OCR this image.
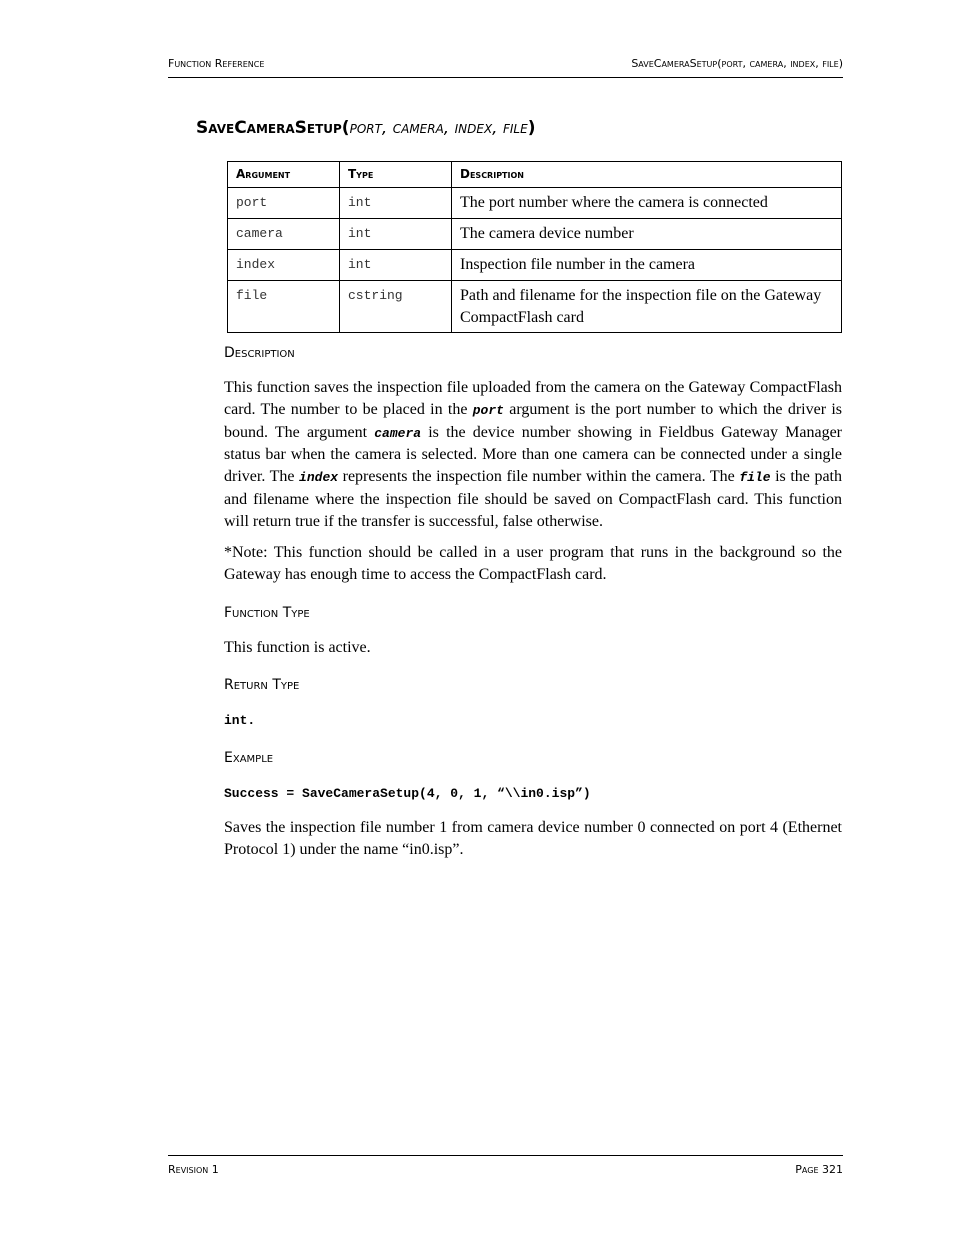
Function Reference	SaveCameraSetup(port, camera, index, file)
SaveCameraSetup(port, camera, index, file)
Argument	Type	Description
port	int	The port number where the camera is connected
camera	int	The camera device number
index	int	Inspection file number in the camera
file	cstring	Path and filename for the inspection file on the Gateway CompactFlash card
Description
This function saves the inspection file uploaded from the camera on the Gateway CompactFlash card. The number to be placed in the port argument is the port number to which the driver is bound. The argument camera is the device number showing in Fieldbus Gateway Manager status bar when the camera is selected. More than one camera can be connected under a single driver. The index represents the inspection file number within the camera. The file is the path and filename where the inspection file should be saved on CompactFlash card. This function will return true if the transfer is successful, false otherwise.
*Note: This function should be called in a user program that runs in the background so the Gateway has enough time to access the CompactFlash card.
Function Type
This function is active.
Return Type
int.
Example
Success = SaveCameraSetup(4, 0, 1, “\\in0.isp”)
Saves the inspection file number 1 from camera device number 0 connected on port 4 (Ethernet Protocol 1) under the name “in0.isp”.
Revision 1	Page 321
